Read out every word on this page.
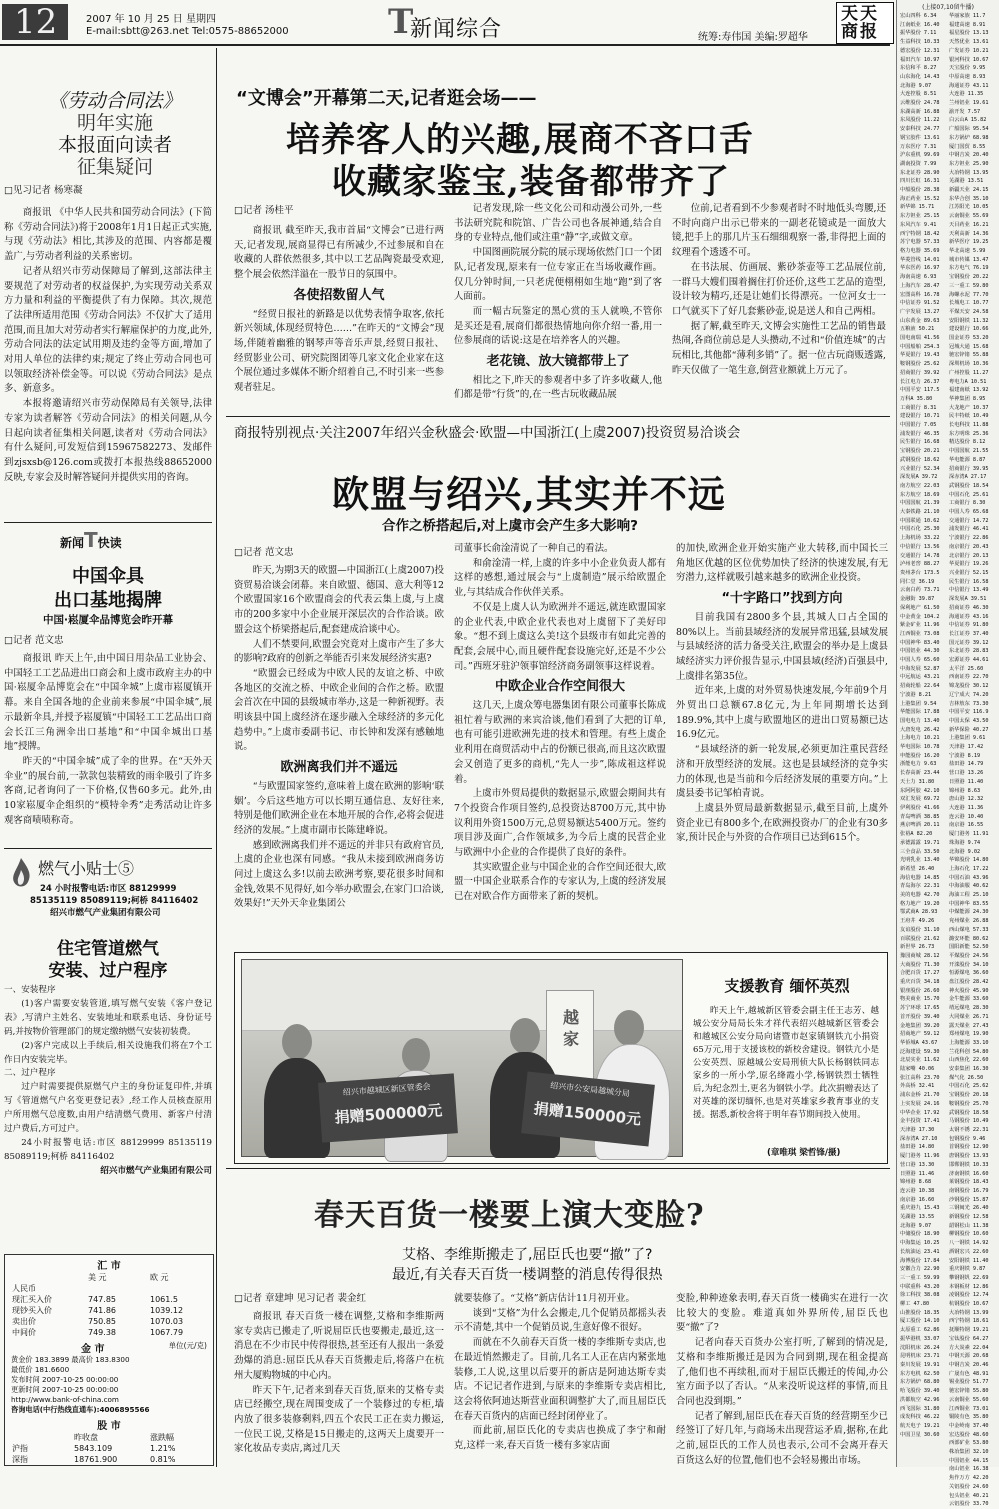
12	2007 年 10 月 25 日 星期四
E-mail:sbtt@263.net Tel:0575-88652000	T
新闻综合	统筹:寿伟国 美编:罗超华
天天商报
(上接07,10留牛播)
宏山四科 6.34
江南纸业 16.40
振华股份 7.11
生益科技 10.33
德宏股份 12.31
福田汽车 10.97
东信和平 8.27
山东海化 14.43
北海港 9.07
大连控股 8.51
云维股份 24.78
东湖高新 16.88
东凤股份 11.22
安泰科技 24.77
钢宝胶件 13.61
万东医疗 7.31
沪东重机 99.69
湖南投资 7.99
东北证券 28.90
四川长虹 16.31
中船股份 28.38
海正药业 15.52
新华锦 15.71
东方钽业 25.15
东风汽车 9.41
西宁特钢 18.42
苏宁电器 57.33
格力电器 35.69
华菱管线 14.01
华东医药 16.97
海南高速 6.93
上海汽车 28.47
宏图高科 16.78
中信证券 91.52
广宇发展 13.27
山东黄金 89.63
五粮液 50.21
国电南瑞 41.56
中国船舶 254.3
华夏银行 19.43
鞍钢股份 25.62
招商银行 39.92
长江电力 26.37
中国平安 117.5
万科A 35.80
工商银行 8.31
建设银行 10.71
中国银行 7.05
浦发银行 46.35
民生银行 16.68
宝钢股份 20.21
武钢股份 18.62
兴业银行 52.34
深发展A 39.72
南方航空 22.03
东方航空 18.69
中国国航 21.39
大秦铁路 21.10
中国联通 10.62
中国石化 25.30
上海机场 33.22
中信银行 13.56
交通银行 14.78
泸州老窖 88.27
贵州茅台 173.5
同仁堂 36.19
云南白药 73.71
金融街 39.87
保利地产 61.50
中金黄金 104.2
紫金矿业 11.96
江西铜业 73.08
中国神华 83.40
中国铝业 44.30
中国人寿 65.60
中海发展 52.87
中远航运 43.21
招商轮船 22.64
宁波港 8.21
上港集团 9.54
华能国际 17.88
国电电力 13.40
大唐发电 26.42
上海电力 10.21
华电国际 10.78
申能股份 16.20
浙能电力 9.63
长春高新 23.44
天士力 31.80
东阿阿胶 42.10
双汇发展 69.72
伊利股份 41.66
青岛啤酒 38.85
燕京啤酒 20.11
张裕A 82.20
承德露露 19.71
三全食品 33.50
光明乳业 13.40
新希望 26.40
海信电器 14.85
青岛海尔 22.31
美的电器 42.70
格力地产 19.20
鄂武商A 28.93
王府井 49.26
友谊股份 31.10
百联股份 21.62
新世界 26.73
豫园商城 28.12
大商股份 71.30
合肥百货 17.27
重庆百货 34.18
银座股份 26.60
物美商业 15.70
苏宁环球 17.65
首开股份 39.40
金地集团 39.20
招商地产 59.12
华侨城A 43.67
泛海建设 59.30
北辰实业 11.62
陆家嘴 40.06
张江高科 23.70
外高桥 32.41
浦东金桥 21.70
上实发展 24.16
中华企业 17.92
金丰投资 17.41
天津港 17.30
深赤湾A 27.10
盐田港 14.80
厦门港务 11.96
营口港 13.30
日照港 11.46
锦州港 8.68
连云港 10.38
南京港 16.60
重庆港九 15.43
芜湖港 13.55
北海港 9.07
中储股份 18.90
中海集运 10.25
长航油运 23.41
海博股份 17.84
安徽合力 22.90
三一重工 59.99
中联重科 43.20
徐工科技 38.08
柳工 47.80
山推股份 18.35
厦工股份 14.10
太原重工 62.86
振华港机 33.07
沈阳机床 26.24
昆明机床 23.71
秦川发展 19.91
东方电机 62.50
东方锅炉 68.80
哈飞股份 39.40
洪都航空 42.96
西飞国际 31.80
成发科技 46.22
航天电子 19.21
中国卫星 30.60
华丽家族 11.7
福建高速 8.91
福星股份 13.13
天然优业 13.61
广发证券 10.21
银河科技 10.67
天宝股份 9.95
中原高速 8.93
海通证券 43.11
大连港 11.35
兰州铝业 19.61
渝开发 7.57
白云山A 15.82
广船国际 95.54
东方锅炉 68.98
厦门国贸 8.55
中钢吉炭 20.40
东方钽业 25.90
大冶特钢 13.95
芜湖港 13.51
新疆天业 24.15
东华合创 35.10
江苏阳光 10.05
云南铜业 55.69
天目药业 16.21
天利高新 14.36
新华医疗 19.25
华北高速 5.99
城市传媒 13.47
东方电气 76.19
宝钢股份 20.22
三一重工 59.80
海螺水泥 77.70
长城电工 10.77
平煤天安 24.58
安阳钢铁 11.32
建设银行 10.66
国金证券 53.20
冠城大通 15.68
驰宏锌锗 55.88
深圳机场 10.36
广州控股 11.27
粤电力A 10.51
福建南纸 13.92
华神集团 8.95
大龙地产 10.37
民丰特纸 10.49
长电科技 11.88
东方明珠 25.36
精达股份 8.12
中国国航 21.55
华电能源 8.87
招商银行 39.95
深赤湾A 27.17
武钢股份 18.54
中国石化 25.61
工商银行 8.30
中国人寿 65.68
交通银行 14.72
浦发银行 46.41
宁波银行 22.86
南京银行 20.43
北京银行 20.13
华夏银行 19.26
兴业银行 52.15
民生银行 16.58
中信银行 13.49
深发展A 39.51
招商证券 46.30
海通证券 43.16
中信证券 91.80
长江证券 37.40
国元证券 39.12
东北证券 28.83
宏源证券 44.61
太平洋 25.60
西南证券 22.70
锦龙股份 30.12
辽宁成大 74.20
吉林敖东 73.30
中国平安 116.9
中国太保 43.50
新华保险 40.27
上港集团 9.61
天津港 17.42
宁波港 8.19
盐田港 14.79
营口港 13.26
日照港 11.40
锦州港 8.63
唐山港 12.32
大连港 11.36
连云港 10.40
南京港 16.55
厦门港务 11.91
珠海港 9.74
北海港 9.02
华锦股份 14.80
上海石化 17.22
中国石油 43.96
中海油服 40.62
海油工程 25.10
中国神华 83.55
中煤能源 24.30
兖州煤业 26.88
西山煤电 57.33
潞安环能 80.62
国阳新能 52.50
平煤股份 24.56
开滦股份 34.10
恒源煤电 36.60
盘江股份 28.42
神火股份 45.90
金牛能源 33.60
靖远煤电 28.30
大同煤业 26.71
露天煤业 27.43
郑州煤电 19.90
上海能源 33.10
兰花科创 54.80
山西焦化 22.60
安泰集团 16.30
煤气化 26.50
中国石化 25.62
宝钢股份 20.18
鞍钢股份 25.70
武钢股份 18.58
马钢股份 10.49
太钢不锈 22.31
包钢股份 9.46
首钢股份 12.90
唐钢股份 13.93
邯郸钢铁 10.33
济南钢铁 16.60
莱钢股份 18.43
南钢股份 16.79
沙钢股份 15.87
三钢闽光 26.40
新钢股份 12.58
韶钢松山 11.38
柳钢股份 10.60
八一钢铁 14.92
酒钢宏兴 22.60
安阳钢铁 11.40
重庆钢铁 9.87
攀钢钢钒 22.69
本钢板材 12.86
凌钢股份 12.74
杭钢股份 10.67
大冶特钢 13.99
西宁特钢 18.61
抚顺特钢 19.21
宝钛股份 64.27
方大炭素 22.04
中钢天源 20.68
中钢吉炭 20.46
广晟有色 48.91
锡业股份 51.77
驰宏锌锗 55.80
云南铜业 55.60
江西铜业 73.01
铜陵有色 35.80
中金岭南 37.40
宏达股份 48.60
西部矿业 53.80
株冶集团 32.10
中国铝业 44.15
南山铝业 16.38
焦作万方 42.20
关铝股份 24.60
包头铝业 40.21
云铝股份 33.70
《劳动合同法》
明年实施
本报面向读者
征集疑问
□见习记者 杨寒凝

商报讯 《中华人民共和国劳动合同法》(下简称《劳动合同法》)将于2008年1月1日起正式实施,与现《劳动法》相比,其涉及的范围、内容都是覆盖广,与劳动者利益的关系密切。

记者从绍兴市劳动保障局了解到,这部法律主要规范了对劳动者的权益保护,为实现劳动关系双方力量和利益的平衡提供了有力保障。其次,规范了法律所适用范围《劳动合同法》不仅扩大了适用范围,而且加大对劳动者实行解雇保护的力度,此外,劳动合同法的法定试用期及违约金等方面,增加了对用人单位的法律约束;规定了终止劳动合同也可以领取经济补偿金等。可以说《劳动合同法》是点多、新意多。

本报将邀请绍兴市劳动保障局有关领导,法律专家为读者解答《劳动合同法》的相关问题,从今日起向读者征集相关问题,读者对《劳动合同法》有什么疑问,可发短信到15967582273、发邮件到zjsxsb@126.com或拨打本报热线88652000反映,专家会及时解答疑问并提供实用的咨询。

新闻T快读
中国伞具
出口基地揭牌
中国·崧厦伞品博览会昨开幕
□记者 范文忠

商报讯 昨天上午,由中国日用杂品工业协会、中国轻工工艺品进出口商会和上虞市政府主办的中国·崧厦伞品博览会在“中国伞城”上虞市崧厦镇开幕。来自全国各地的企业前来参展“中国伞城”,展示最新伞具,并授予崧厦镇“中国轻工工艺品出口商会长江三角洲伞出口基地”和“中国伞城出口基地”授牌。

昨天的“中国伞城”成了伞的世界。在“天外天伞业”的展台前,一款款包装精致的雨伞吸引了许多客商,记者询问了一下价格,仅售60多元。此外,由10家崧厦伞企组织的“模特伞秀”走秀活动让许多观客商啧啧称奇。

燃气小贴士⑤
24 小时报警电话:市区 88129999
85135119 85089119;柯桥 84116402
绍兴市燃气产业集团有限公司
住宅管道燃气
安装、过户程序
一、安装程序

(1)客户需要安装管道,填写燃气安装《客户登记表》,写清户主姓名、安装地址和联系电话、身份证号码,并按物价管理部门的规定缴纳燃气安装初装费。

(2)客户完成以上手续后,相关设施我们将在7个工作日内安装完毕。

二、过户程序

过户时需要提供原燃气户主的身份证复印件,并填写《管道燃气户名变更登记表》,经工作人员核查原用户所用燃气总度数,由用户结清燃气费用、新客户付清过户费后,方可过户。

24小时报警电话:市区 88129999 85135119 85089119;柯桥 84116402

绍兴市燃气产业集团有限公司
汇 市
	美 元	欧 元
人民币		
现汇买入价	747.85	1061.5
现钞买入价	741.86	1039.12
卖出价	750.85	1070.03
中间价	749.38	1067.79
金 市	单位(元/克)
黄金价 183.3899 最高价 183.8300
最低价 181.6600
发布时间 2007-10-25 00:00:00
更新时间 2007-10-25 00:00:00
http://www.bank-of-china.com
咨询电话(中行热线直通车):4006895566
股 市
	昨收盘	涨跌幅
沪指	5843.109	1.21%
深指	18761.900	0.81%
“文博会”开幕第二天,记者逛会场——
培养客人的兴趣,展商不吝口舌
收藏家鉴宝,装备都带齐了
□记者 汤桂平

商报讯 截至昨天,我市首届“文博会”已进行两天,记者发现,展商显得已有所减少,不过参展和自在收藏的人群依然很多,其中以工艺品陶瓷最受欢迎,整个展会依然洋溢在一股节日的氛围中。

各使招数留人气

“经贸日报社的新路是以优势表情争取客,依托新兴领域,体现经贸特色……”在昨天的“文博会”现场,伴随着幽雅的钢琴声等音乐声景,经贸日报社、经贸影业公司、研究院图团等几家文化企业家在这个展位通过多媒体不断介绍着自己,不时引来一些参观者驻足。

记者发现,除一些文化公司和动漫公司外,一些书法研究院和院馆、广告公司也各展神通,结合自身的专业特点,他们或注重“静”字,或做文章。

中国图画院展分院的展示现场依然门口一个团队,记者发现,原来有一位专家正在当场收藏作画。仅几分钟时间,一只老虎便栩栩如生地“跑”到了客人面前。

而一幅古玩鉴定的黑心赏的玉人就唤,不管你是买还是看,展商们都很热情地向你介绍一番,用一位参展商的话说:这是在培养客人的兴趣。

老花镜、放大镜都带上了

相比之下,昨天的参观者中多了许多收藏人,他们都是带“行货”的,在一些古玩收藏品展

位前,记者看到不少参观者时不时地低头弯腰,还不时向商户出示已带来的一副老花镜或是一面放大镜,把手上的那几片玉石细细观察一番,非得把上面的纹理看个透透不可。

在书法展、仿画展、紫砂茶壶等工艺品展位前,一群马大嫂们围着搁住打价还价,这些工艺品的造型,设计较为精巧,还是让她们长得漂亮。一位河女士一口气就买下了好几套紫砂壶,说是送人和自己两相。

据了解,截至昨天,文博会实施性工艺品的销售最热闹,各商位前总是人头攒动,不过和“价值连城”的古玩相比,其他都“薄利多销”了。据一位古玩商贩透露,昨天仅做了一笔生意,倒营业额就上万元了。

商报特别视点·关注2007年绍兴金秋盛会·欧盟—中国浙江(上虞2007)投资贸易洽谈会
欧盟与绍兴,其实并不远
合作之桥搭起后,对上虞市会产生多大影响?
□记者 范文忠

昨天,为期3天的欧盟—中国浙江(上虞2007)投资贸易洽谈会闭幕。来自欧盟、德国、意大利等12个欧盟国家16个欧盟商会的代表云集上虞,与上虞市的200多家中小企业展开深层次的合作洽谈。欧盟会这个桥梁搭起后,配套建成洽谈中心。

人们不禁要问,欧盟会究竟对上虞市产生了多大的影响?政府的创新之举能否引来发展经济实惠?

“欧盟会已经成为中欧人民的友谊之桥、中欧各地区的交流之桥、中欧企业间的合作之桥。欧盟会首次在中国的县级城市举办,这是一种新视野。表明该县中国上虞经济在逐步融入全球经济的多元化趋势中。”上虞市委副书记、市长钟和发深有感触地说。

欧洲离我们并不遥远

“与欧盟国家签约,意味着上虞在欧洲的影响‘联姻’。今后这些地方可以长期互通信息、友好往来,特别是他们欧洲企业在本地开展的合作,必将会促进经济的发展。”上虞市副市长陈建峰说。

感到欧洲离我们并不遥远的并非只有政府官员,上虞的企业也深有同感。“我从未接到欧洲商务访问过上虞这么多!以前去欧洲考察,要花很多时间和金钱,效果不见得好,如今举办欧盟会,在家门口洽谈,效果好!”天外天伞业集团公

司董事长俞淦清说了一种自己的看法。

和俞淦清一样,上虞的许多中小企业负责人都有这样的感想,通过展会与“上虞制造”展示给欧盟企业,与其结成合作伙伴关系。

不仅是上虞人认为欧洲并不遥远,就连欧盟国家的企业代表,中欧企业代表也对上虞留下了美好印象。“想不到上虞这么美!这个县级市有如此完善的配套,会展中心,而且硬件配套设施完好,还是不少公司。”西班牙驻沪领事馆经济商务副领事这样说着。

中欧企业合作空间很大

这几天,上虞众筹电器集团有限公司董事长陈成祖忙着与欧洲的来宾洽谈,他们看到了大把的订单,也有可能引进欧洲先进的技术和管理。有些上虞企业利用在商贸活动中占的份额已很高,而且这次欧盟会又创造了更多的商机,“先人一步”,陈成祖这样说着。

上虞市外贸局提供的数据显示,欧盟会期间共有7个投资合作项目签约,总投资达8700万元,其中协议利用外资1500万元,总贸易额达5400万元。签约项目涉及面广,合作领域多,为今后上虞的民营企业与欧洲中小企业的合作提供了良好的条件。

其实欧盟企业与中国企业的合作空间还很大,欧盟一中国企业联系合作的专家认为,上虞的经济发展已在对欧合作方面带来了新的契机。

的加快,欧洲企业开始实施产业大转移,而中国长三角地区优越的区位优势加快了经济的快速发展,有无穷潜力,这样就吸引越来越多的欧洲企业投资。

“十字路口”找到方向

目前我国有2800多个县,其城人口占全国的80%以上。当前县域经济的发展异常迅猛,县域发展与县域经济的活力备受关注,欧盟会的举办是上虞县域经济实力评价报告显示,中国县域(经济)百强县中,上虞排名第35位。

近年来,上虞的对外贸易快速发展,今年前9个月外贸出口总额67.8亿元,为上年同期增长达到189.9%,其中上虞与欧盟地区的进出口贸易额已达16.9亿元。

“县域经济的新一轮发展,必须更加注重民营经济和开放型经济的发展。这也是县域经济的竞争实力的体现,也是当前和今后经济发展的重要方向。”上虞县委书记邹柏青说。

上虞县外贸局最新数据显示,截至目前,上虞外资企业已有800多个,在欧洲投资办厂的企业有30多家,预计民企与外资的合作项目已达到615个。

越 家
绍兴市越城区新区管委会
捐赠500000元
绍兴市公安局越城分局
捐赠150000元
支援教育 缅怀英烈

昨天上午,越城新区管委会副主任王志芳、越城公安分局局长朱才祥代表绍兴越城新区管委会和越城区公安分局向诸暨市赵家镇钢铁亢小捐资65万元,用于支援该校的新校舍建设。钢铁亢小是公安英烈、原越城公安局刑侦大队长杨钢铁同志家乡的一所小学,原名绛霞小学,杨钢铁烈士牺牲后,为纪念烈士,更名为钢铁小学。此次捐赠表达了对英雄的深切缅怀,也是对英雄家乡教育事业的支援。据悉,新校舍将于明年春节期间投入使用。

(章唯琪 梁哲锋/摄)
春天百货一楼要上演大变脸?
艾格、李维斯搬走了,屈臣氏也要“撤”了?
最近,有关春天百货一楼调整的消息传得很热
□记者 章建坤 见习记者 裴金红

商报讯 春天百货一楼在调整,艾格和李维斯两家专卖店已搬走了,听说屈臣氏也要搬走,最近,这一消息在不少市民中传得很热,甚至还有人报出一条爱劲爆的消息:屈臣氏从春天百货搬走后,将落户在杭州大厦购物城的中心内。

昨天下午,记者来到春天百货,原来的艾格专卖店已经搬空,现在周围变成了一个装修过的专柜,墙内放了很多装修剩料,四五个农民工正在卖力搬运,一位民工说,艾格是15日搬走的,这两天上虞要开一家化妆品专卖店,离过几天

就要装修了。“艾格”新店估计11月初开业。

谈到“艾格”为什么会搬走,几个促销员都摇头表示不清楚,其中一个促销员说,生意好像不很好。

而就在不久前春天百货一楼的李维斯专卖店,也在最近悄然搬走了。目前,几名工人正在店内紧张地装修,工人说,这里以后要开的新店是阿迪达斯专卖店。不记记者作进到,与原来的李维斯专卖店相比,这会将依阿迪达斯营业面积调整扩大了,而且屈臣氏在春天百货内的店面已经封闭停业了。

而此前,屈臣氏化的专卖店也换成了李宁和耐克,这样一来,春天百货一楼有多家店面

变脸,种种迹象表明,春天百货一楼确实在进行一次比较大的变脸。难道真如外界所传,屈臣氏也要“撤”了?

记者向春天百货办公室打听,了解到的情况是,艾格和李维斯搬迁是因为合同到期,现在租金提高了,他们也不再续租,而对于屈臣氏搬迁的传闻,办公室方面予以了否认。“从来没听说这样的事情,而且合同也没到期。”

记者了解到,屈臣氏在春天百货的经营期至少已经签订了好几年,与商场未出现营运矛盾,据称,在此之前,屈臣氏的工作人员也表示,公司不会离开春天百货这么好的位置,他们也不会轻易搬出市场。
